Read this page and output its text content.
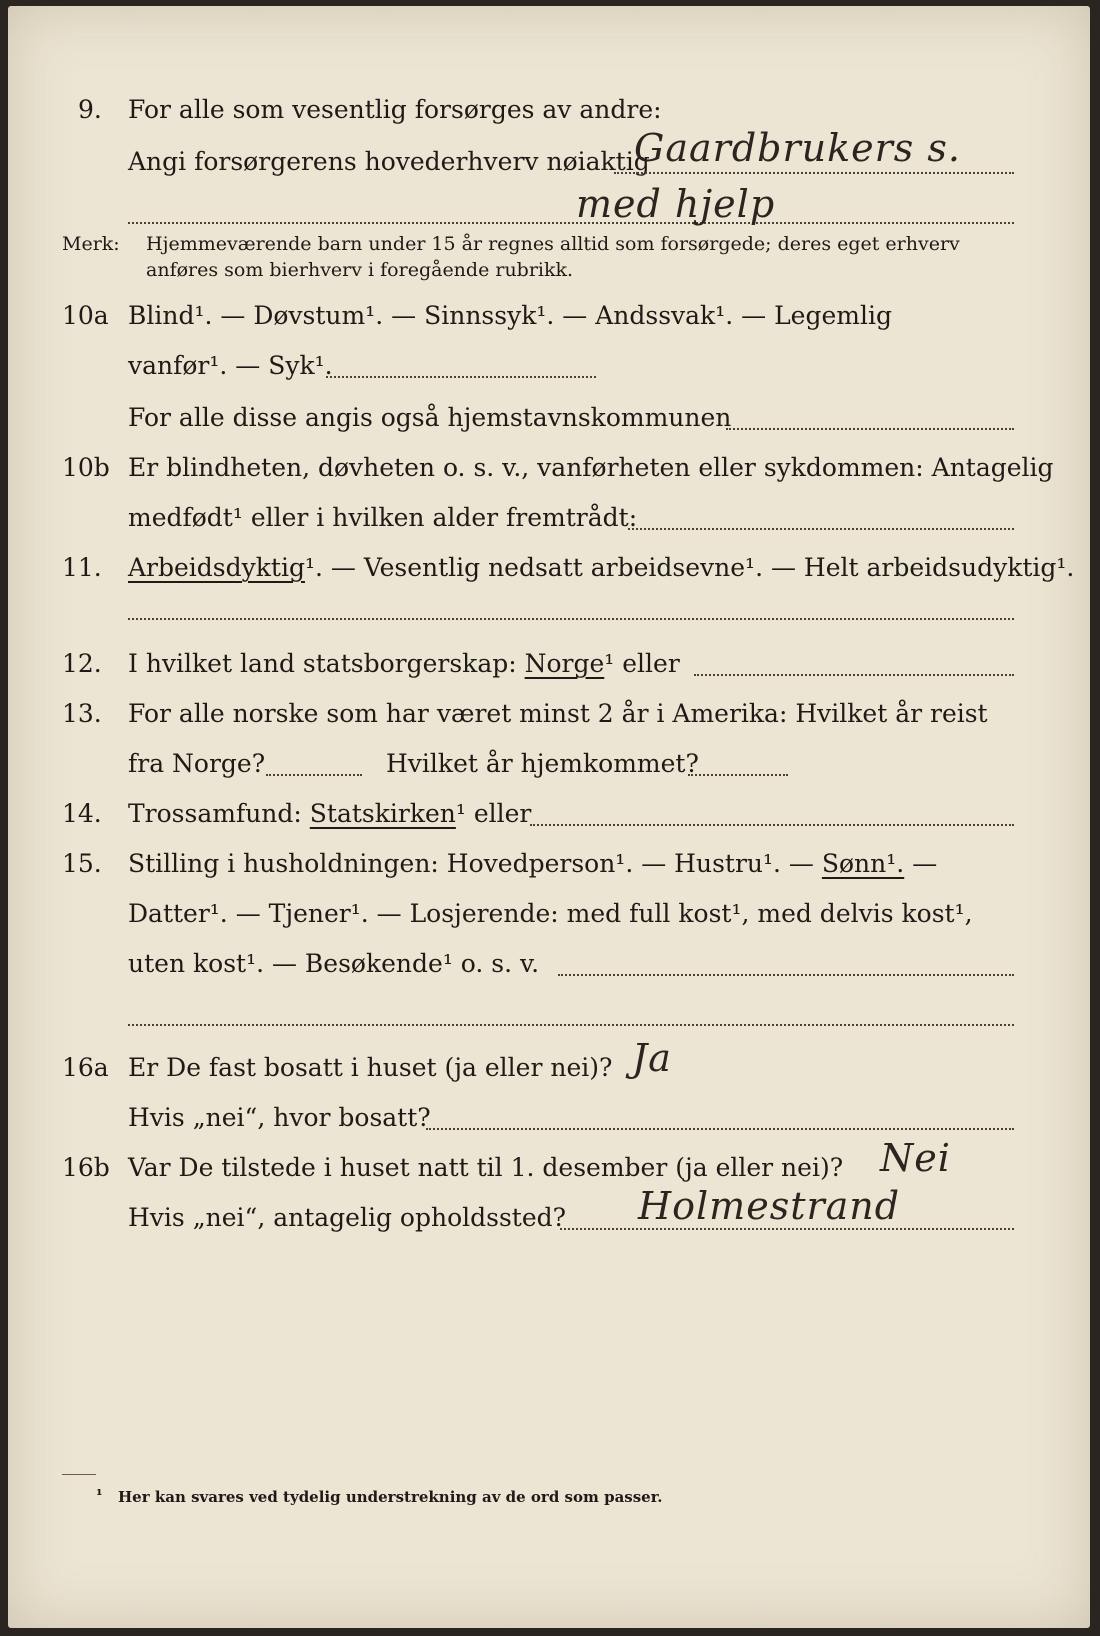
9. For alle som vesentlig forsørges av andre:
Angi forsørgerens hovederhverv nøiaktig
Gaardbrukers s.
med hjelp
Merk: Hjemmeværende barn under 15 år regnes alltid som forsørgede; deres eget erhverv
anføres som bierhverv i foregående rubrikk.
10a Blind¹. — Døvstum¹. — Sinnssyk¹. — Andssvak¹. — Legemlig
vanfør¹. — Syk¹.
For alle disse angis også hjemstavnskommunen
10b Er blindheten, døvheten o. s. v., vanførheten eller sykdommen: Antagelig
medfødt¹ eller i hvilken alder fremtrådt:
11. Arbeidsdyktig¹. — Vesentlig nedsatt arbeidsevne¹. — Helt arbeidsudyktig¹.
12. I hvilket land statsborgerskap: Norge¹ eller
13. For alle norske som har været minst 2 år i Amerika: Hvilket år reist
fra Norge?	Hvilket år hjemkommet?
14. Trossamfund: Statskirken¹ eller
15. Stilling i husholdningen: Hovedperson¹. — Hustru¹. — Sønn¹. —
Datter¹. — Tjener¹. — Losjerende: med full kost¹, med delvis kost¹,
uten kost¹. — Besøkende¹ o. s. v.
16a Er De fast bosatt i huset (ja eller nei)? Ja
Hvis „nei“, hvor bosatt?
16b Var De tilstede i huset natt til 1. desember (ja eller nei)? Nei
Hvis „nei“, antagelig opholdssted? Holmestrand
¹ Her kan svares ved tydelig understrekning av de ord som passer.
